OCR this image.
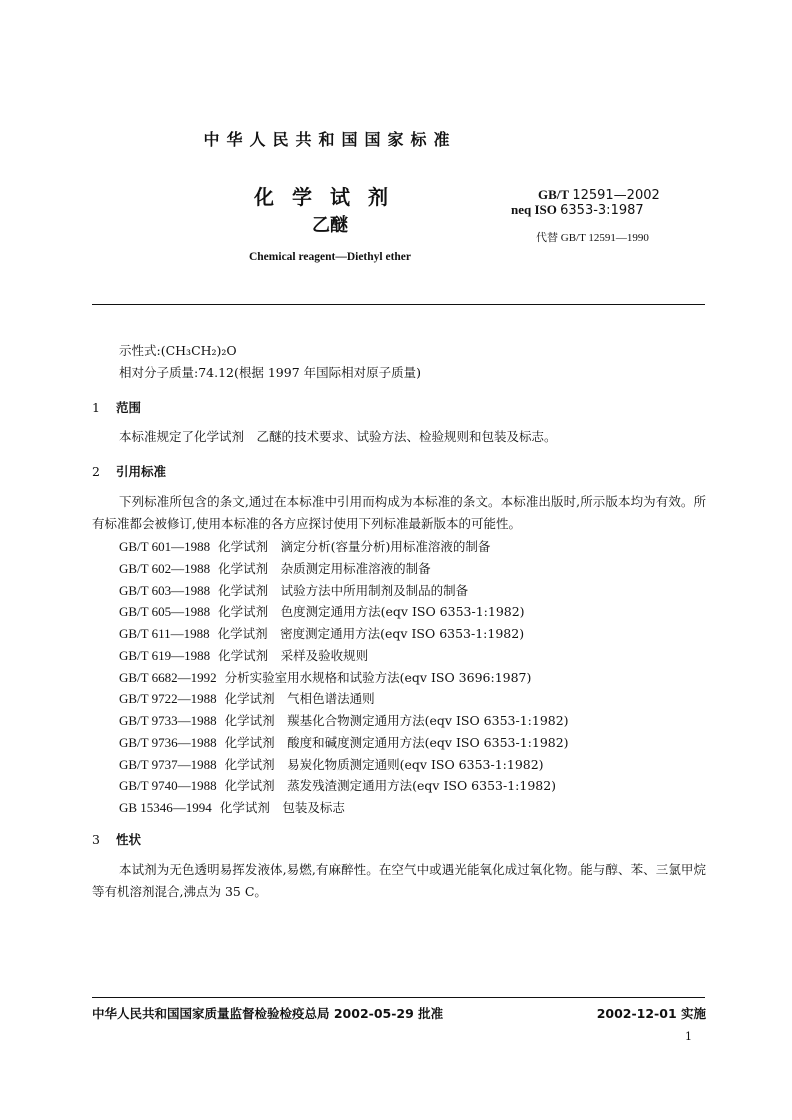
中华人民共和国国家标准
化学试剂
乙醚
Chemical reagent—Diethyl ether
GB/T 12591—2002
neq ISO 6353-3:1987
代替 GB/T 12591—1990
示性式:(CH₃CH₂)₂O
相对分子质量:74.12(根据 1997 年国际相对原子质量)
1 范围
本标准规定了化学试剂　乙醚的技术要求、试验方法、检验规则和包装及标志。
2 引用标准
下列标准所包含的条文,通过在本标准中引用而构成为本标准的条文。本标准出版时,所示版本均为有效。所有标准都会被修订,使用本标准的各方应探讨使用下列标准最新版本的可能性。
GB/T 601—1988 化学试剂　滴定分析(容量分析)用标准溶液的制备
GB/T 602—1988 化学试剂　杂质测定用标准溶液的制备
GB/T 603—1988 化学试剂　试验方法中所用制剂及制品的制备
GB/T 605—1988 化学试剂　色度测定通用方法(eqv ISO 6353-1:1982)
GB/T 611—1988 化学试剂　密度测定通用方法(eqv ISO 6353-1:1982)
GB/T 619—1988 化学试剂　采样及验收规则
GB/T 6682—1992 分析实验室用水规格和试验方法(eqv ISO 3696:1987)
GB/T 9722—1988 化学试剂　气相色谱法通则
GB/T 9733—1988 化学试剂　羰基化合物测定通用方法(eqv ISO 6353-1:1982)
GB/T 9736—1988 化学试剂　酸度和碱度测定通用方法(eqv ISO 6353-1:1982)
GB/T 9737—1988 化学试剂　易炭化物质测定通则(eqv ISO 6353-1:1982)
GB/T 9740—1988 化学试剂　蒸发残渣测定通用方法(eqv ISO 6353-1:1982)
GB 15346—1994 化学试剂　包装及标志
3 性状
本试剂为无色透明易挥发液体,易燃,有麻醉性。在空气中或遇光能氧化成过氧化物。能与醇、苯、三氯甲烷等有机溶剂混合,沸点为 35 C。
中华人民共和国国家质量监督检验检疫总局 2002-05-29 批准	2002-12-01 实施
1
